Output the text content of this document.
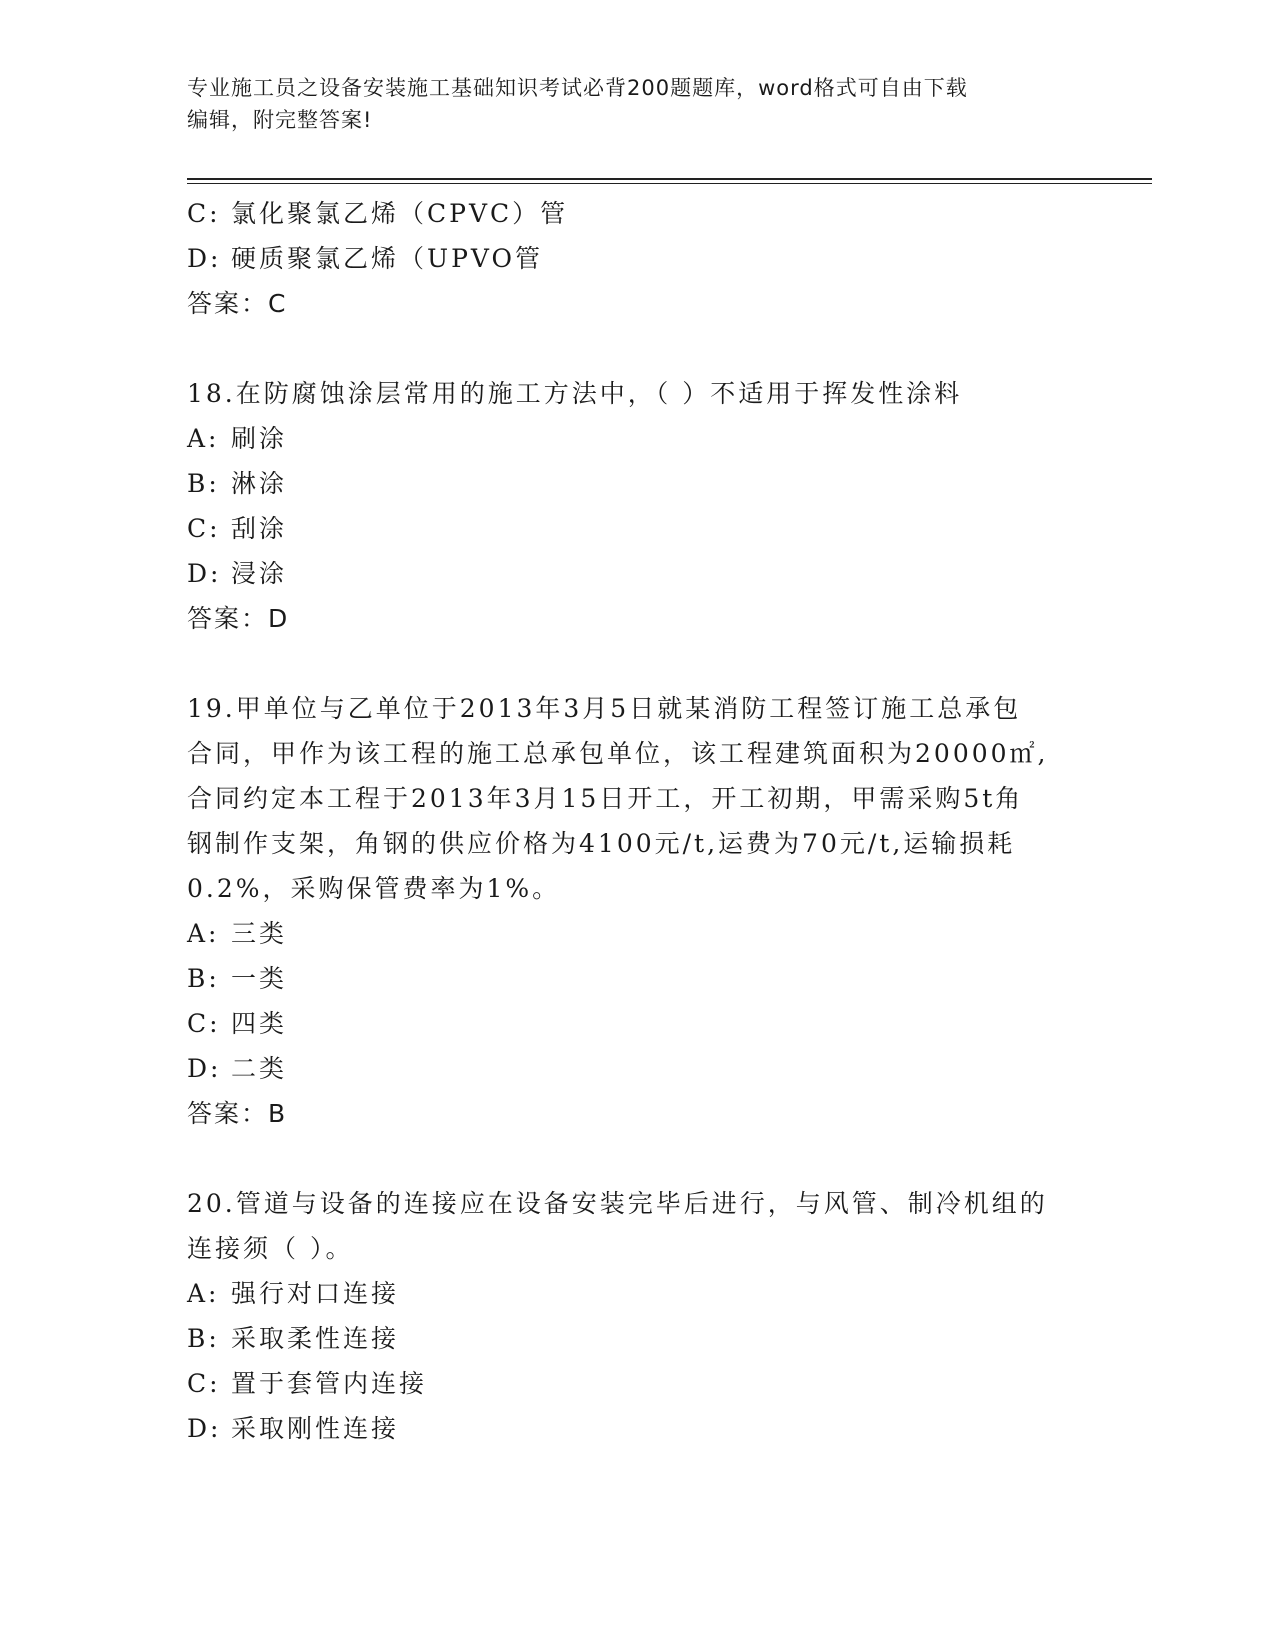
专业施工员之设备安装施工基础知识考试必背200题题库，word格式可自由下载
编辑，附完整答案!
C: 氯化聚氯乙烯（CPVC）管
D: 硬质聚氯乙烯（UPVO管
答案：C
18.在防腐蚀涂层常用的施工方法中，（ ）不适用于挥发性涂料
A: 刷涂
B: 淋涂
C: 刮涂
D: 浸涂
答案：D
19.甲单位与乙单位于2013年3月5日就某消防工程签订施工总承包
合同，甲作为该工程的施工总承包单位，该工程建筑面积为20000㎡,
合同约定本工程于2013年3月15日开工，开工初期，甲需采购5t角
钢制作支架，角钢的供应价格为4100元/t,运费为70元/t,运输损耗
0.2%，采购保管费率为1%。
A: 三类
B: 一类
C: 四类
D: 二类
答案：B
20.管道与设备的连接应在设备安装完毕后进行，与风管、制冷机组的
连接须（ ）。
A: 强行对口连接
B: 采取柔性连接
C: 置于套管内连接
D: 采取刚性连接
